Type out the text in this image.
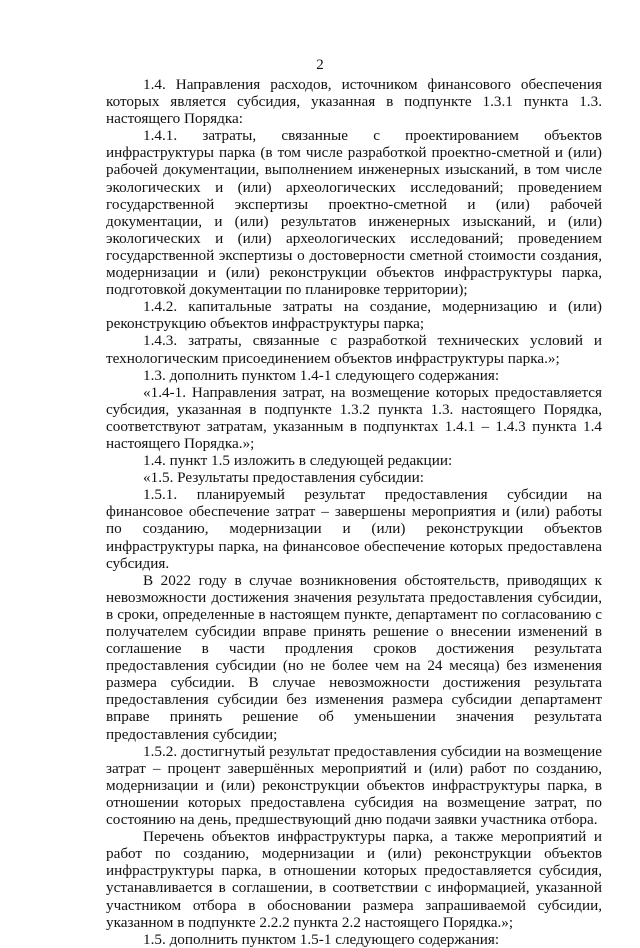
2

1.4. Направления расходов, источником финансового обеспечения которых является субсидия, указанная в подпункте 1.3.1 пункта 1.3. настоящего Порядка:

1.4.1. затраты, связанные с проектированием объектов инфраструктуры парка (в том числе разработкой проектно-сметной и (или) рабочей документации, выполнением инженерных изысканий, в том числе экологических и (или) археологических исследований; проведением государственной экспертизы проектно-сметной и (или) рабочей документации, и (или) результатов инженерных изысканий, и (или) экологических и (или) археологических исследований; проведением государственной экспертизы о достоверности сметной стоимости создания, модернизации и (или) реконструкции объектов инфраструктуры парка, подготовкой документации по планировке территории);

1.4.2. капитальные затраты на создание, модернизацию и (или) реконструкцию объектов инфраструктуры парка;

1.4.3. затраты, связанные с разработкой технических условий и технологическим присоединением объектов инфраструктуры парка.»;

1.3. дополнить пунктом 1.4-1 следующего содержания:

«1.4-1. Направления затрат, на возмещение которых предоставляется субсидия, указанная в подпункте 1.3.2 пункта 1.3. настоящего Порядка, соответствуют затратам, указанным в подпунктах 1.4.1 – 1.4.3 пункта 1.4 настоящего Порядка.»;

1.4. пункт 1.5 изложить в следующей редакции:

«1.5. Результаты предоставления субсидии:

1.5.1. планируемый результат предоставления субсидии на финансовое обеспечение затрат – завершены мероприятия и (или) работы по созданию, модернизации и (или) реконструкции объектов инфраструктуры парка, на финансовое обеспечение которых предоставлена субсидия.

В 2022 году в случае возникновения обстоятельств, приводящих к невозможности достижения значения результата предоставления субсидии, в сроки, определенные в настоящем пункте, департамент по согласованию с получателем субсидии вправе принять решение о внесении изменений в соглашение в части продления сроков достижения результата предоставления субсидии (но не более чем на 24 месяца) без изменения размера субсидии. В случае невозможности достижения результата предоставления субсидии без изменения размера субсидии департамент вправе принять решение об уменьшении значения результата предоставления субсидии;

1.5.2. достигнутый результат предоставления субсидии на возмещение затрат – процент завершённых мероприятий и (или) работ по созданию, модернизации и (или) реконструкции объектов инфраструктуры парка, в отношении которых предоставлена субсидия на возмещение затрат, по состоянию на день, предшествующий дню подачи заявки участника отбора.

Перечень объектов инфраструктуры парка, а также мероприятий и работ по созданию, модернизации и (или) реконструкции объектов инфраструктуры парка, в отношении которых предоставляется субсидия, устанавливается в соглашении, в соответствии с информацией, указанной участником отбора в обосновании размера запрашиваемой субсидии, указанном в подпункте 2.2.2 пункта 2.2 настоящего Порядка.»;

1.5. дополнить пунктом 1.5-1 следующего содержания:
